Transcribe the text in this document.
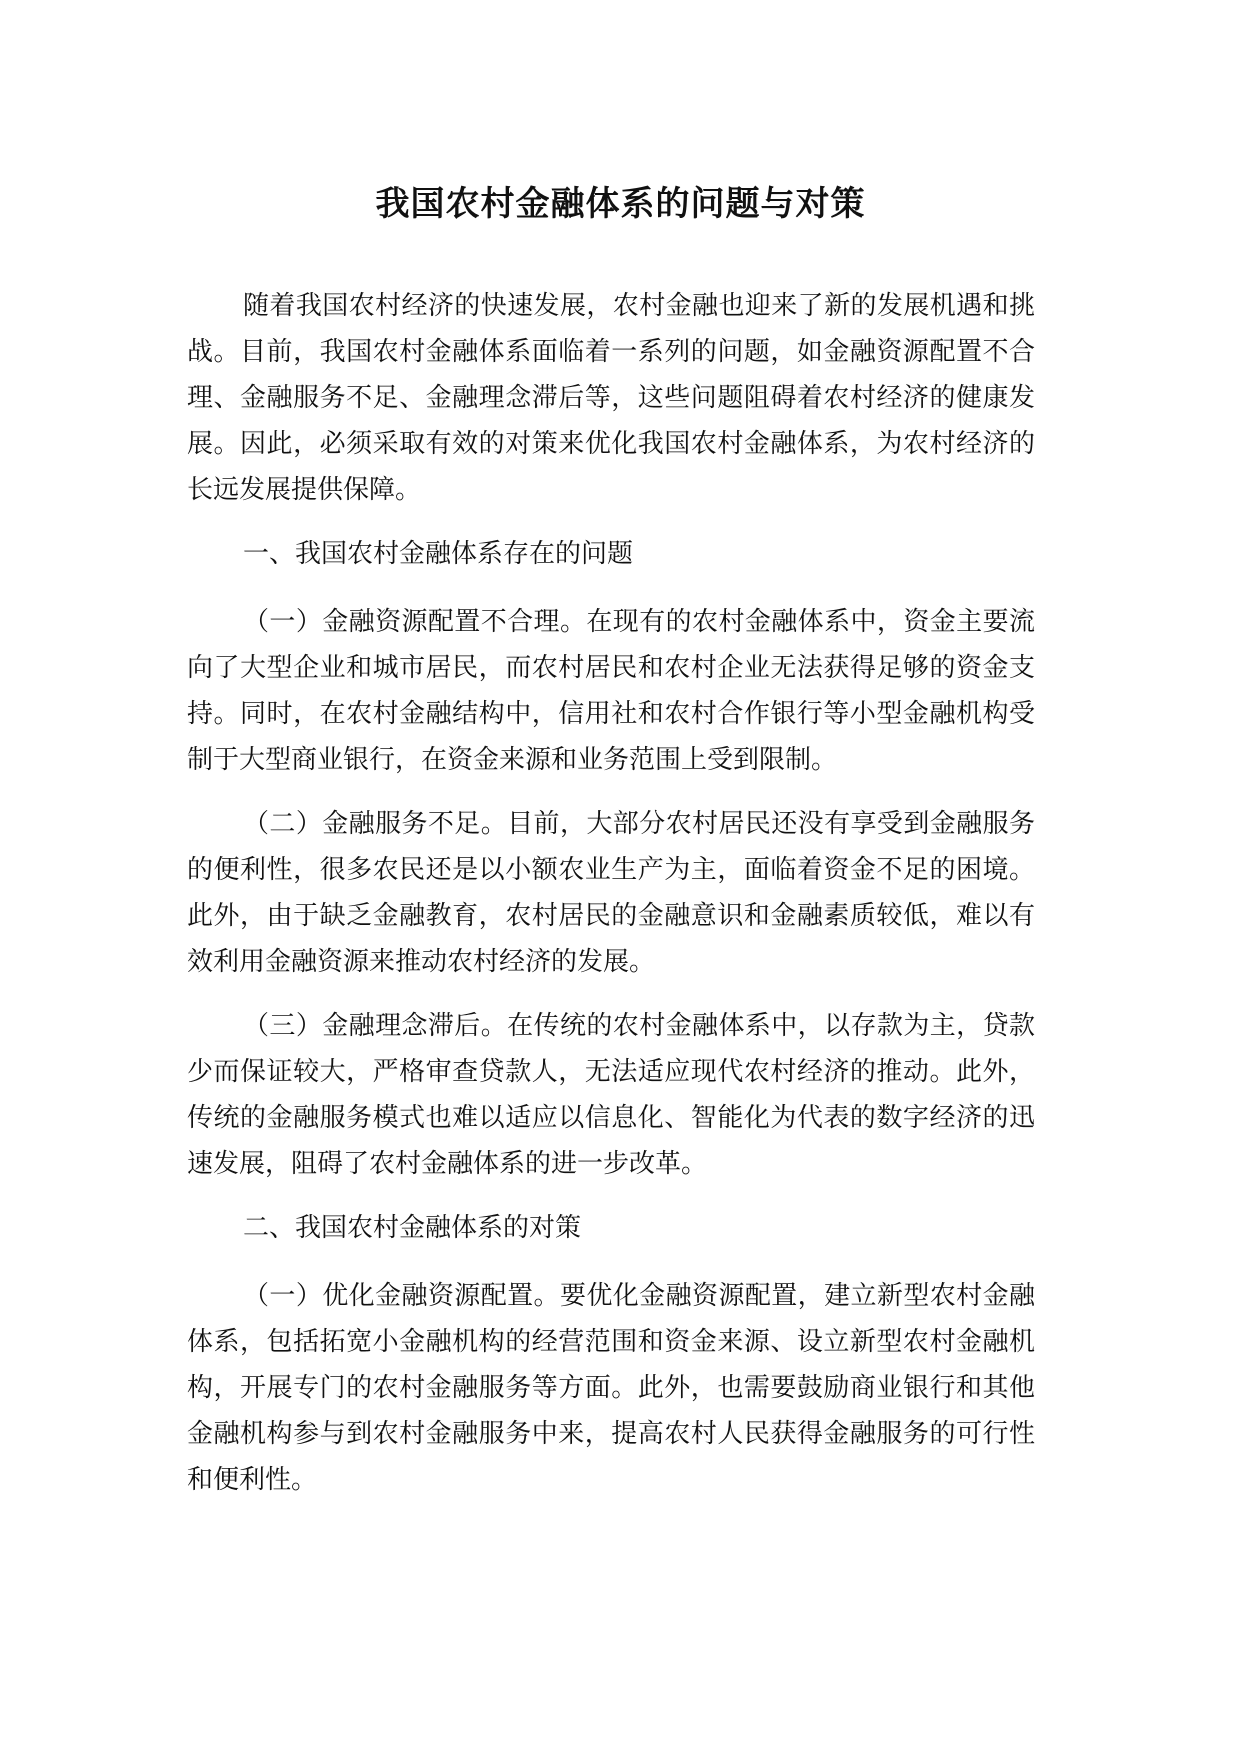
我国农村金融体系的问题与对策

随着我国农村经济的快速发展，农村金融也迎来了新的发展机遇和挑战。目前，我国农村金融体系面临着一系列的问题，如金融资源配置不合理、金融服务不足、金融理念滞后等，这些问题阻碍着农村经济的健康发展。因此，必须采取有效的对策来优化我国农村金融体系，为农村经济的长远发展提供保障。

一、我国农村金融体系存在的问题

（一）金融资源配置不合理。在现有的农村金融体系中，资金主要流向了大型企业和城市居民，而农村居民和农村企业无法获得足够的资金支持。同时，在农村金融结构中，信用社和农村合作银行等小型金融机构受制于大型商业银行，在资金来源和业务范围上受到限制。

（二）金融服务不足。目前，大部分农村居民还没有享受到金融服务的便利性，很多农民还是以小额农业生产为主，面临着资金不足的困境。此外，由于缺乏金融教育，农村居民的金融意识和金融素质较低，难以有效利用金融资源来推动农村经济的发展。

（三）金融理念滞后。在传统的农村金融体系中，以存款为主，贷款少而保证较大，严格审查贷款人，无法适应现代农村经济的推动。此外，传统的金融服务模式也难以适应以信息化、智能化为代表的数字经济的迅速发展，阻碍了农村金融体系的进一步改革。

二、我国农村金融体系的对策

（一）优化金融资源配置。要优化金融资源配置，建立新型农村金融体系，包括拓宽小金融机构的经营范围和资金来源、设立新型农村金融机构，开展专门的农村金融服务等方面。此外，也需要鼓励商业银行和其他金融机构参与到农村金融服务中来，提高农村人民获得金融服务的可行性和便利性。
